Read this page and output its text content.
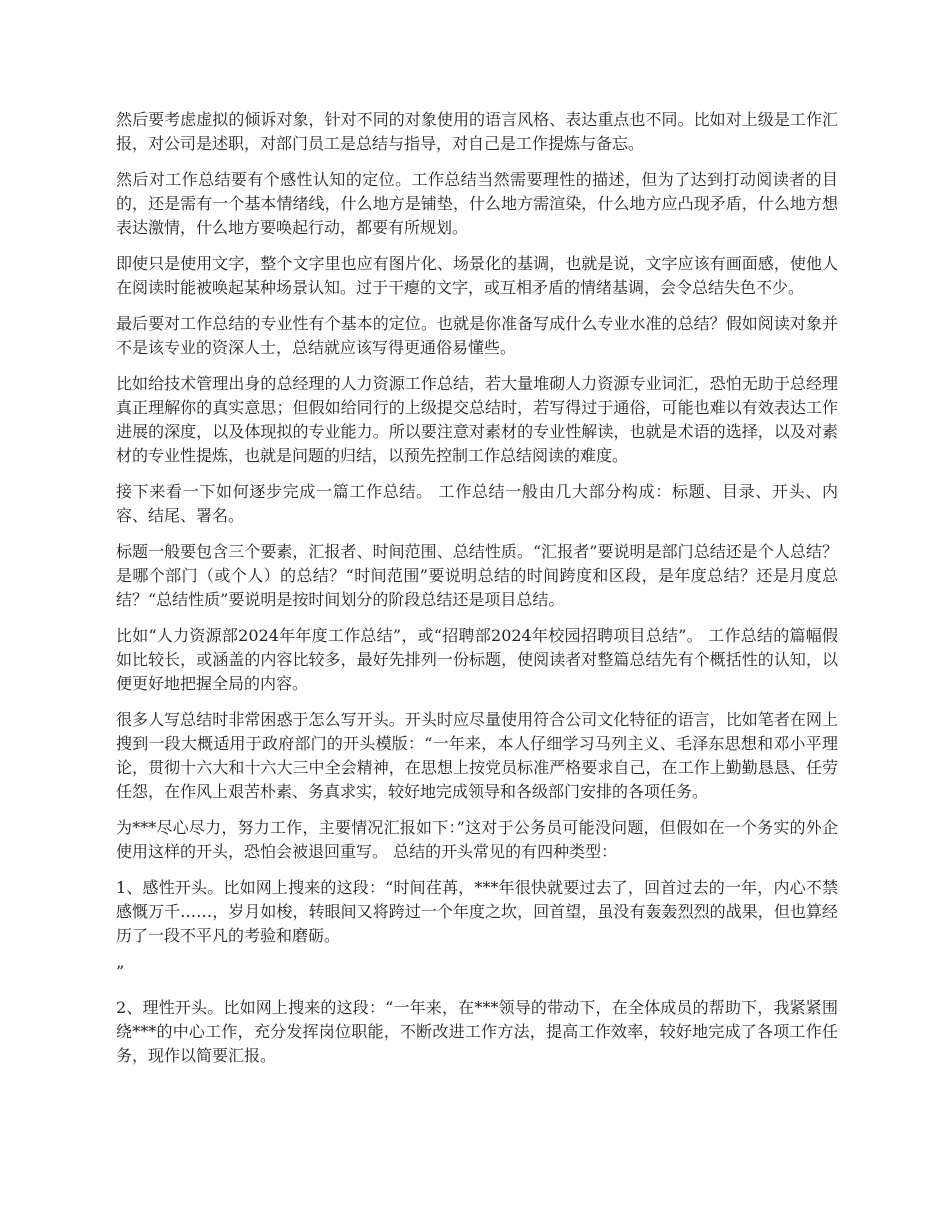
然后要考虑虚拟的倾诉对象，针对不同的对象使用的语言风格、表达重点也不同。比如对上级是工作汇报，对公司是述职，对部门员工是总结与指导，对自己是工作提炼与备忘。

然后对工作总结要有个感性认知的定位。工作总结当然需要理性的描述，但为了达到打动阅读者的目的，还是需有一个基本情绪线，什么地方是铺垫，什么地方需渲染，什么地方应凸现矛盾，什么地方想表达激情，什么地方要唤起行动，都要有所规划。

即使只是使用文字，整个文字里也应有图片化、场景化的基调，也就是说，文字应该有画面感，使他人在阅读时能被唤起某种场景认知。过于干瘪的文字，或互相矛盾的情绪基调，会令总结失色不少。

最后要对工作总结的专业性有个基本的定位。也就是你准备写成什么专业水准的总结？假如阅读对象并不是该专业的资深人士，总结就应该写得更通俗易懂些。

比如给技术管理出身的总经理的人力资源工作总结，若大量堆砌人力资源专业词汇，恐怕无助于总经理真正理解你的真实意思；但假如给同行的上级提交总结时，若写得过于通俗，可能也难以有效表达工作进展的深度，以及体现拟的专业能力。所以要注意对素材的专业性解读，也就是术语的选择，以及对素材的专业性提炼，也就是问题的归结，以预先控制工作总结阅读的难度。

接下来看一下如何逐步完成一篇工作总结。 工作总结一般由几大部分构成：标题、目录、开头、内容、结尾、署名。

标题一般要包含三个要素，汇报者、时间范围、总结性质。“汇报者”要说明是部门总结还是个人总结？是哪个部门（或个人）的总结？“时间范围”要说明总结的时间跨度和区段，是年度总结？还是月度总结？“总结性质”要说明是按时间划分的阶段总结还是项目总结。

比如“人力资源部2024年年度工作总结”，或“招聘部2024年校园招聘项目总结”。 工作总结的篇幅假如比较长，或涵盖的内容比较多，最好先排列一份标题，使阅读者对整篇总结先有个概括性的认知，以便更好地把握全局的内容。

很多人写总结时非常困惑于怎么写开头。开头时应尽量使用符合公司文化特征的语言，比如笔者在网上搜到一段大概适用于政府部门的开头模版：“一年来，本人仔细学习马列主义、毛泽东思想和邓小平理论，贯彻十六大和十六大三中全会精神，在思想上按党员标准严格要求自己，在工作上勤勤恳恳、任劳任怨，在作风上艰苦朴素、务真求实，较好地完成领导和各级部门安排的各项任务。

为***尽心尽力，努力工作，主要情况汇报如下：”这对于公务员可能没问题，但假如在一个务实的外企使用这样的开头，恐怕会被退回重写。 总结的开头常见的有四种类型：

1、感性开头。比如网上搜来的这段：“时间荏苒，***年很快就要过去了，回首过去的一年，内心不禁感慨万千……，岁月如梭，转眼间又将跨过一个年度之坎，回首望，虽没有轰轰烈烈的战果，但也算经历了一段不平凡的考验和磨砺。

”

2、理性开头。比如网上搜来的这段：“一年来，在***领导的带动下，在全体成员的帮助下，我紧紧围绕***的中心工作，充分发挥岗位职能，不断改进工作方法，提高工作效率，较好地完成了各项工作任务，现作以简要汇报。
